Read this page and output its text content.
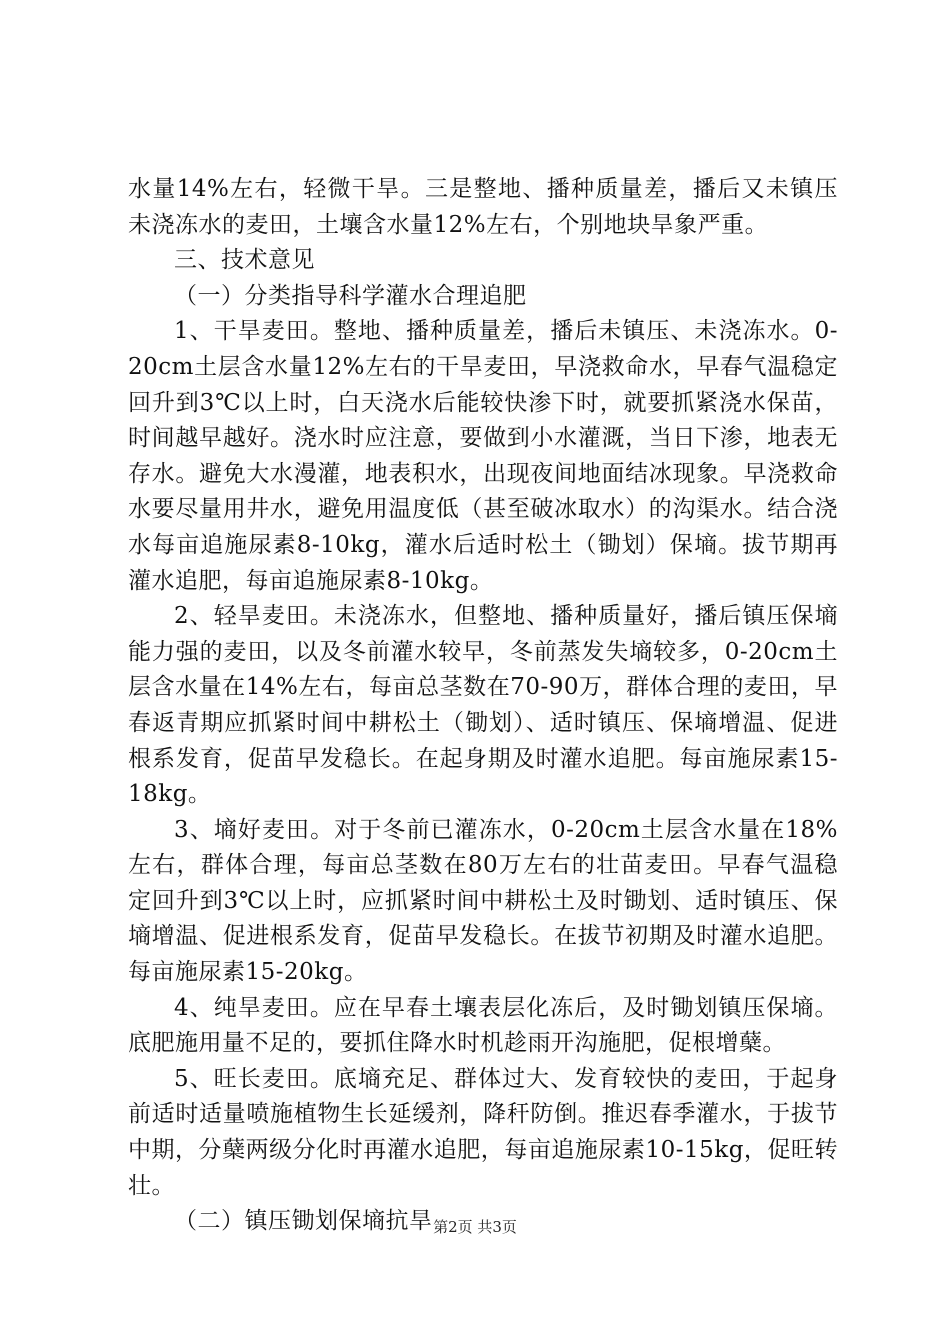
水量14%左右，轻微干旱。三是整地、播种质量差，播后又未镇压未浇冻水的麦田，土壤含水量12%左右，个别地块旱象严重。

三、技术意见

（一）分类指导科学灌水合理追肥

1、干旱麦田。整地、播种质量差，播后未镇压、未浇冻水。0-20cm土层含水量12%左右的干旱麦田，早浇救命水，早春气温稳定回升到3℃以上时，白天浇水后能较快渗下时，就要抓紧浇水保苗，时间越早越好。浇水时应注意，要做到小水灌溉，当日下渗，地表无存水。避免大水漫灌，地表积水，出现夜间地面结冰现象。早浇救命水要尽量用井水，避免用温度低（甚至破冰取水）的沟渠水。结合浇水每亩追施尿素8-10kg，灌水后适时松土（锄划）保墒。拔节期再灌水追肥，每亩追施尿素8-10kg。

2、轻旱麦田。未浇冻水，但整地、播种质量好，播后镇压保墒能力强的麦田，以及冬前灌水较早，冬前蒸发失墒较多，0-20cm土层含水量在14%左右，每亩总茎数在70-90万，群体合理的麦田，早春返青期应抓紧时间中耕松土（锄划）、适时镇压、保墒增温、促进根系发育，促苗早发稳长。在起身期及时灌水追肥。每亩施尿素15-18kg。

3、墒好麦田。对于冬前已灌冻水，0-20cm土层含水量在18%左右，群体合理，每亩总茎数在80万左右的壮苗麦田。早春气温稳定回升到3℃以上时，应抓紧时间中耕松土及时锄划、适时镇压、保墒增温、促进根系发育，促苗早发稳长。在拔节初期及时灌水追肥。每亩施尿素15-20kg。

4、纯旱麦田。应在早春土壤表层化冻后，及时锄划镇压保墒。底肥施用量不足的，要抓住降水时机趁雨开沟施肥，促根增蘖。

5、旺长麦田。底墒充足、群体过大、发育较快的麦田，于起身前适时适量喷施植物生长延缓剂，降秆防倒。推迟春季灌水，于拔节中期，分蘖两级分化时再灌水追肥，每亩追施尿素10-15kg，促旺转壮。

（二）镇压锄划保墒抗旱 第2页 共3页
